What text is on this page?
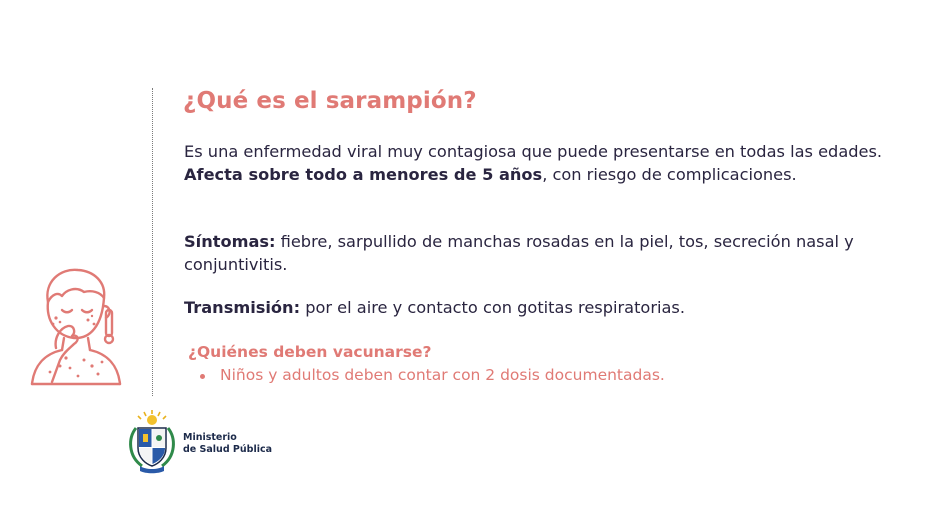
¿Qué es el sarampión?
Es una enfermedad viral muy contagiosa que puede presentarse en todas las edades. Afecta sobre todo a menores de 5 años, con riesgo de complicaciones.
Síntomas: fiebre, sarpullido de manchas rosadas en la piel, tos, secreción nasal y conjuntivitis.
Transmisión: por el aire y contacto con gotitas respiratorias.
¿Quiénes deben vacunarse?
Niños y adultos deben contar con 2 dosis documentadas.
Ministerio
de Salud Pública
